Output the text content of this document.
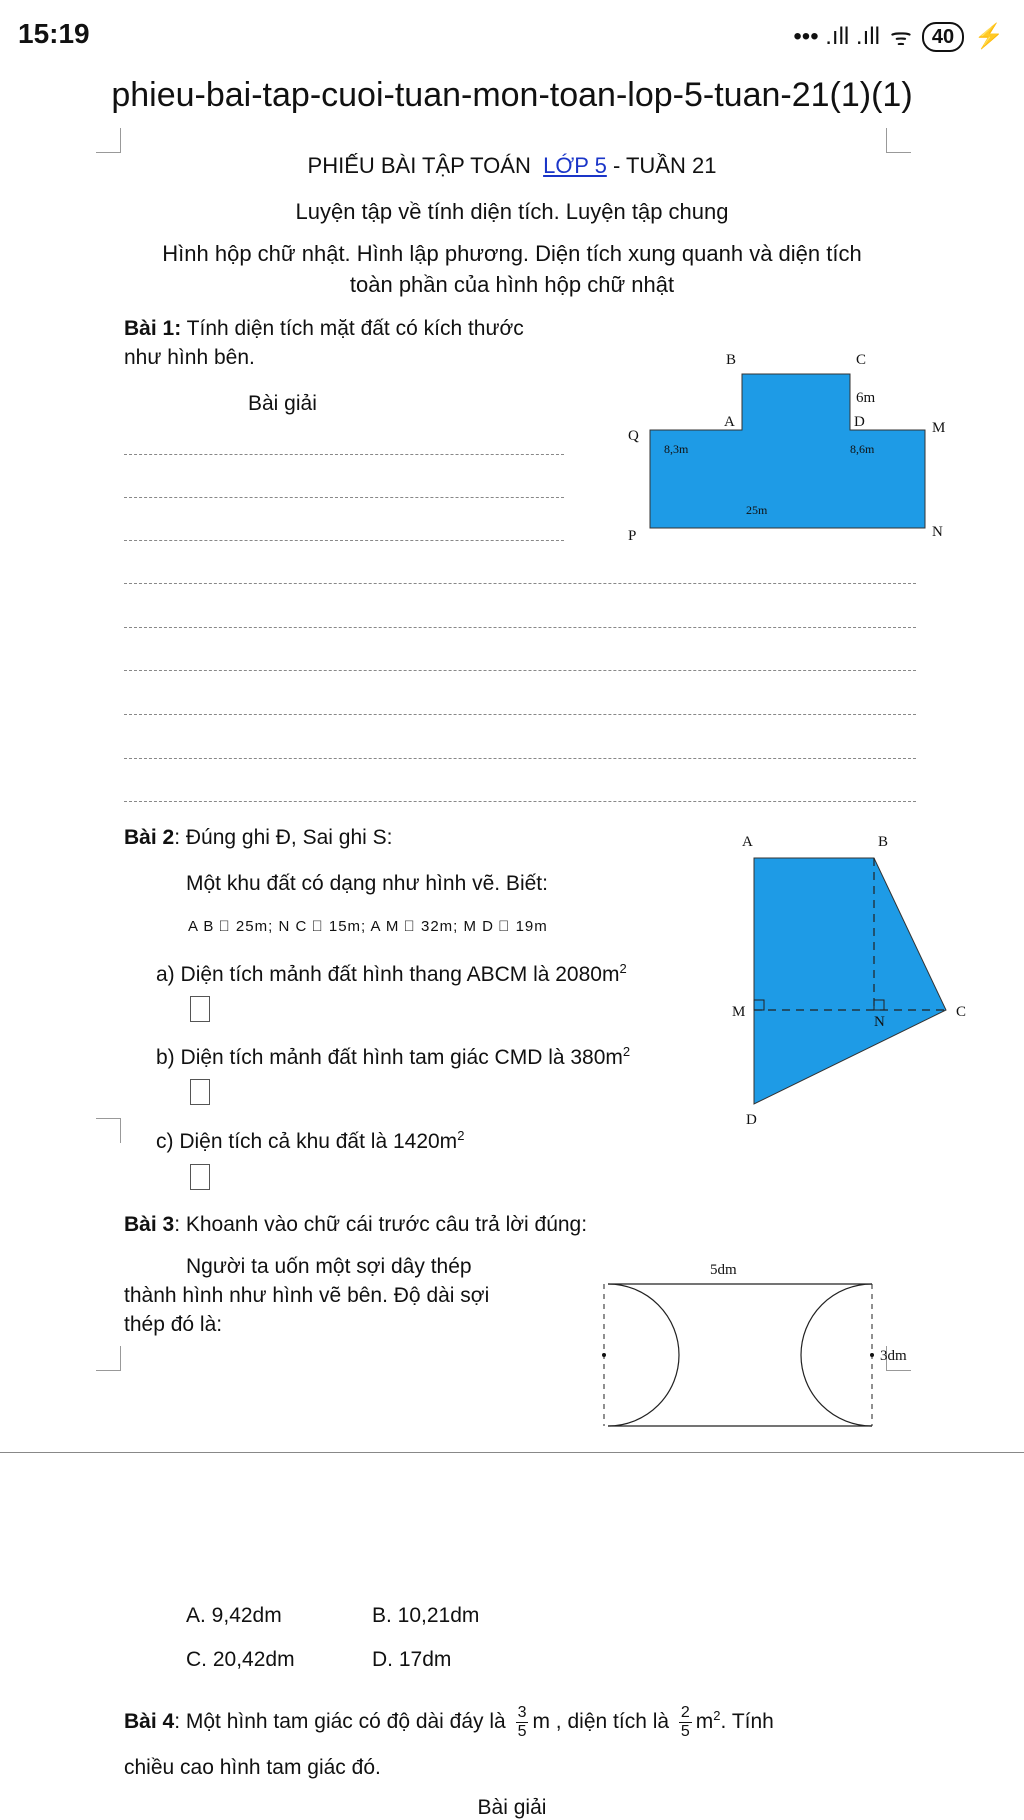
15:19	••• .ıll .ıll ᯤ	40 ⚡
phieu-bai-tap-cuoi-tuan-mon-toan-lop-5-tuan-21(1)(1)
PHIẾU BÀI TẬP TOÁN LỚP 5 - TUẦN 21
Luyện tập về tính diện tích. Luyện tập chung
Hình hộp chữ nhật. Hình lập phương. Diện tích xung quanh và diện tích
toàn phần của hình hộp chữ nhật
Bài 1: Tính diện tích mặt đất có kích thước
như hình bên.
Bài giải
B	C
6m
A	D
Q	M
8,3m	8,6m
25m
P	N
Bài 2: Đúng ghi Đ, Sai ghi S:
Một khu đất có dạng như hình vẽ. Biết:
A B ⃞ 25m; N C ⃞ 15m; A M ⃞ 32m; M D ⃞ 19m
a) Diện tích mảnh đất hình thang ABCM là $2080m^2$
b) Diện tích mảnh đất hình tam giác CMD là $380m^2$
c) Diện tích cả khu đất là $1420m^2$
A	B
M
N
C
D
Bài 3: Khoanh vào chữ cái trước câu trả lời đúng:
Người ta uốn một sợi dây thép
thành hình như hình vẽ bên. Độ dài sợi
thép đó là:
5dm
3dm
A. 9,42dm	B. 10,21dm
C. 20,42dm	D. 17dm
Bài 4: Một hình tam giác có độ dài đáy là $\frac{3}{5}$ m , diện tích là $\frac{2}{5} m^2$. Tính
chiều cao hình tam giác đó.
Bài giải
